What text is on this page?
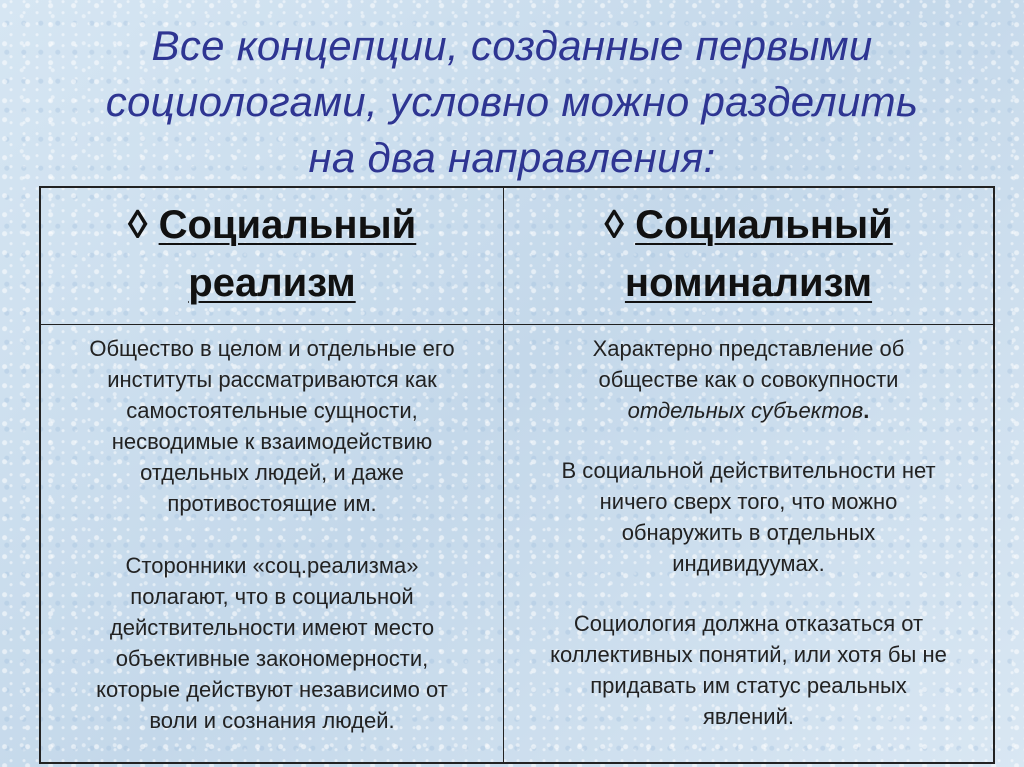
Все концепции, созданные первыми
социологами, условно можно разделить
на два направления:
◊ Социальный
реализм
◊ Социальный
номинализм
Общество в целом и отдельные его
институты рассматриваются как
самостоятельные сущности,
несводимые к взаимодействию
отдельных людей, и даже
противостоящие им.
Сторонники «соц.реализма»
полагают, что в социальной
действительности имеют место
объективные закономерности,
которые действуют независимо от
воли и сознания людей.
Характерно представление об
обществе как о совокупности
отдельных субъектов.
В социальной действительности нет
ничего сверх того, что можно
обнаружить в отдельных
индивидуумах.
Социология должна отказаться от
коллективных понятий, или хотя бы не
придавать им статус реальных
явлений.
